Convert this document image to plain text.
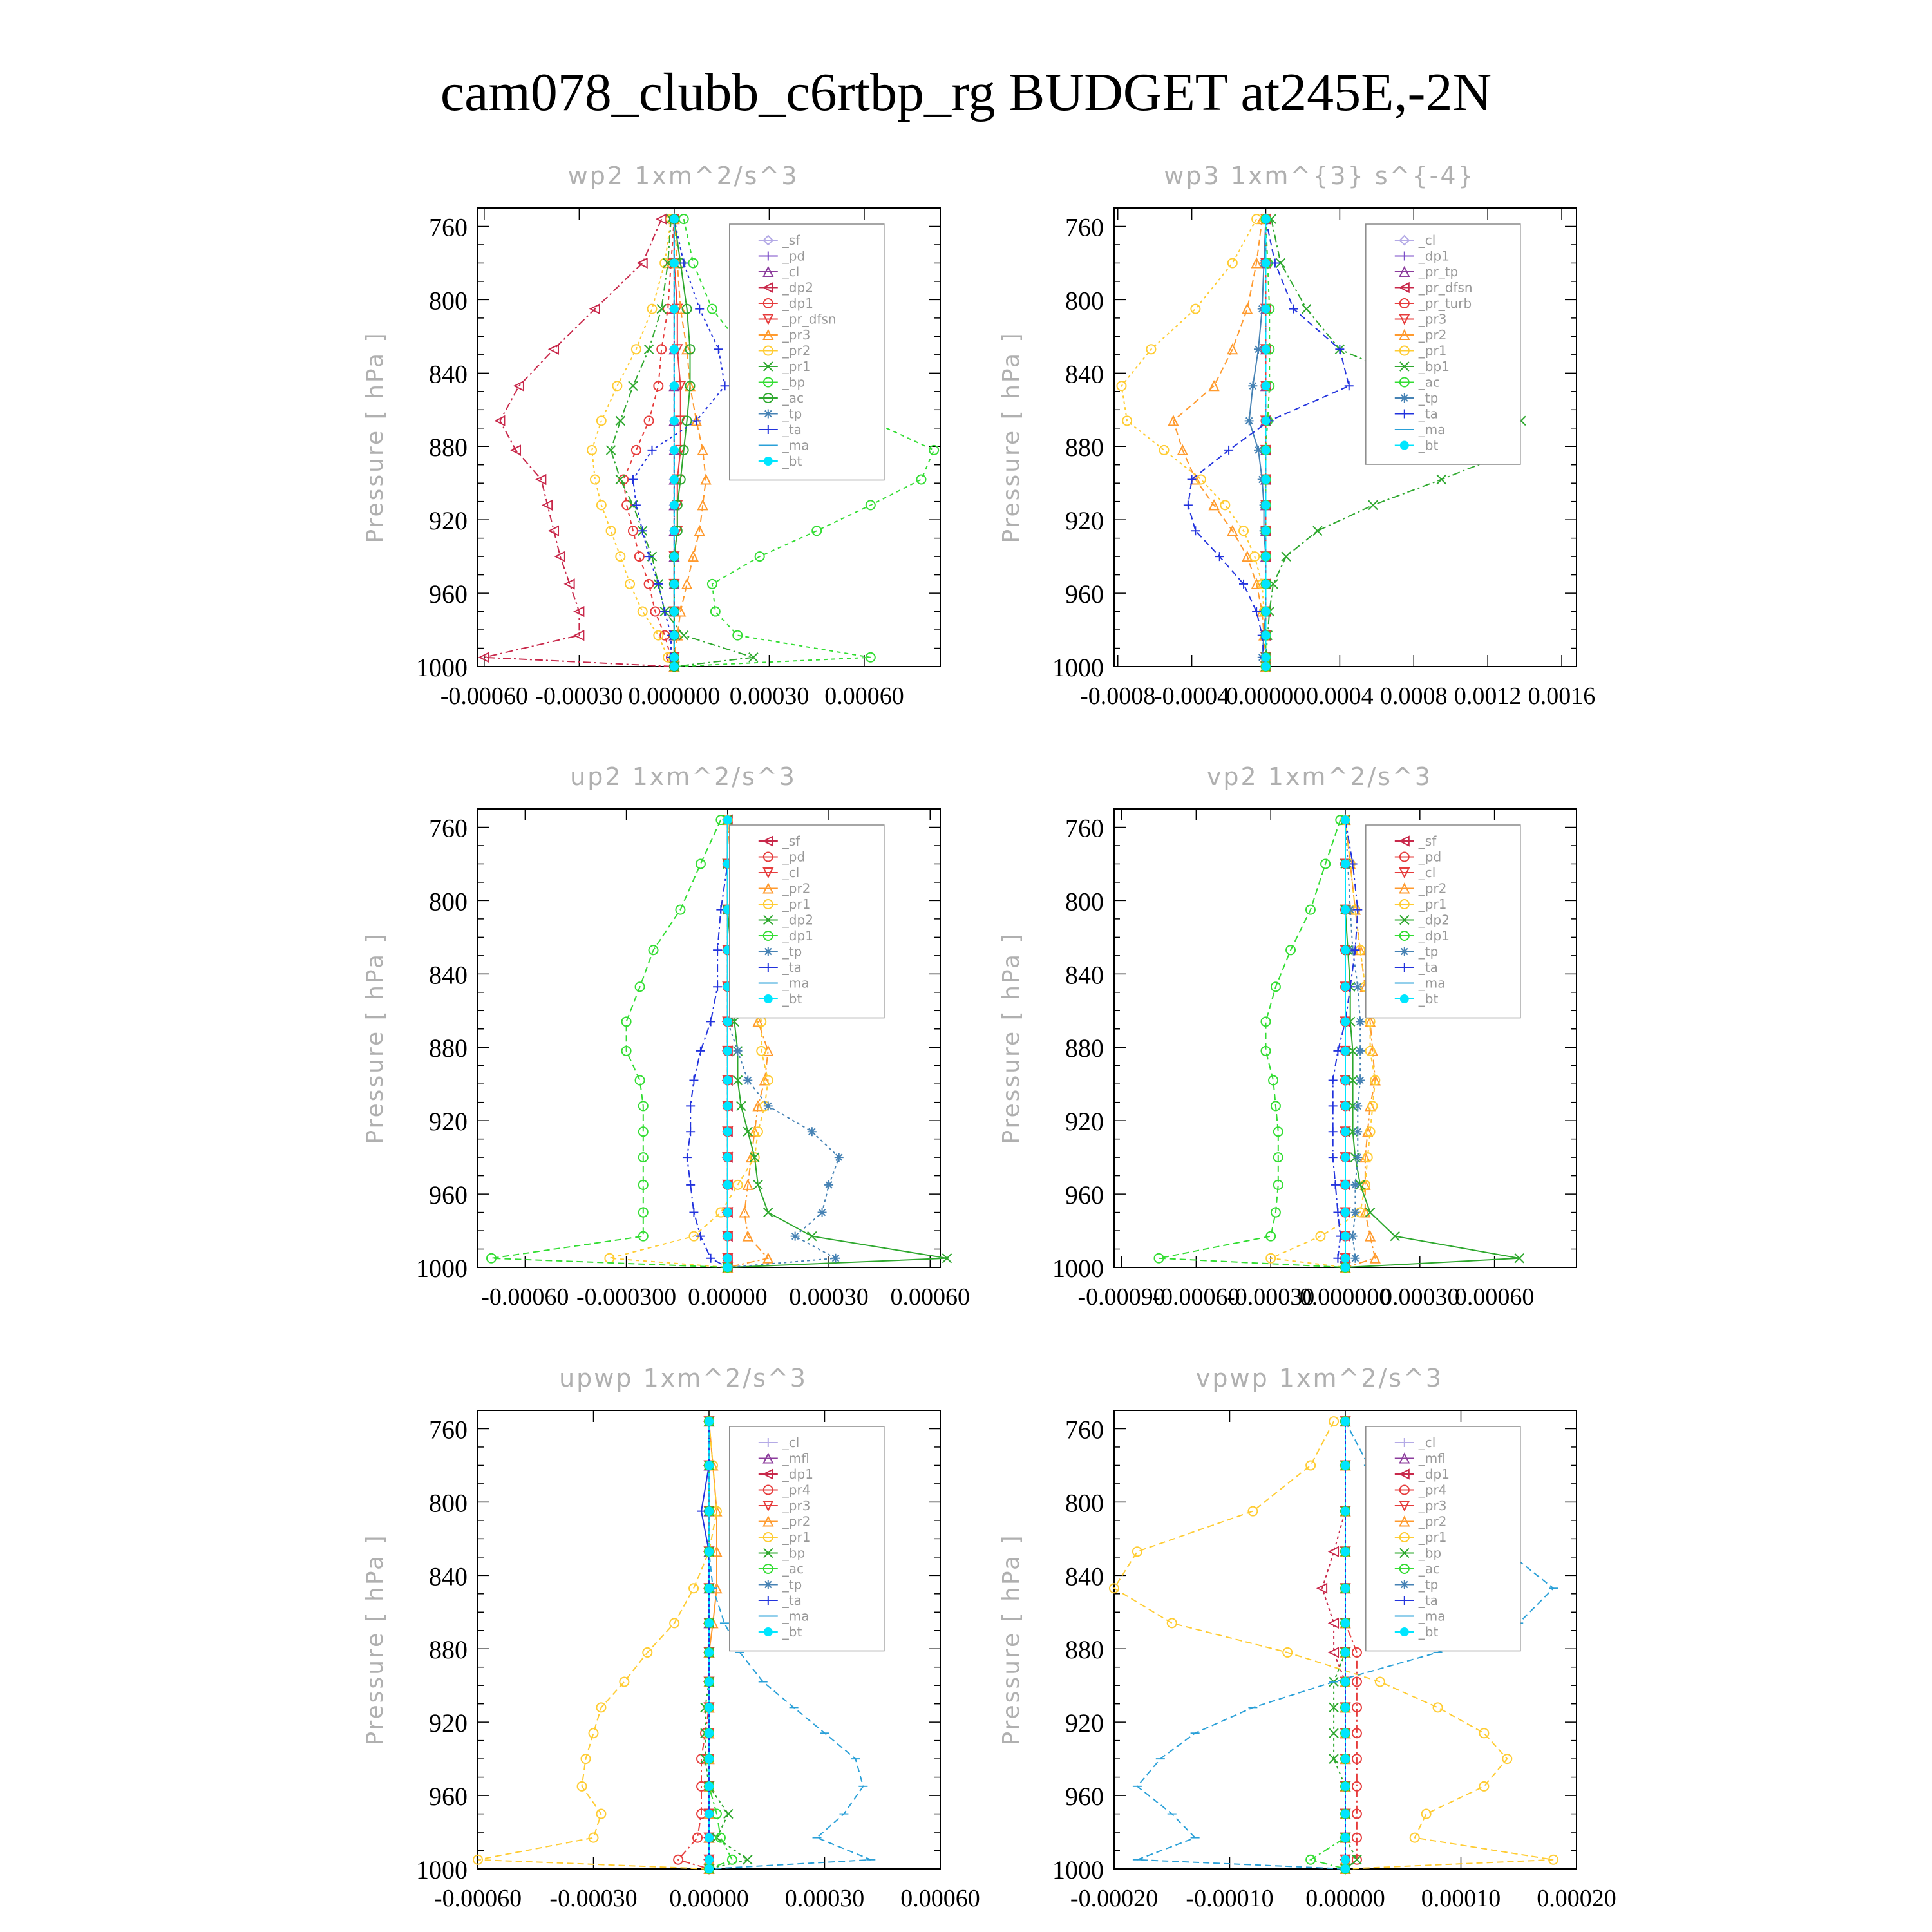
cam078_clubb_c6rtbp_rg BUDGET at245E,-2N
wp2 1xm^2/s^3
Pressure [ hPa ]
760
800
840
880
920
960
1000
-0.00060 -0.00030 0.000000 0.00030 0.00060
_sf
_pd
_cl
_dp2
_dp1
_pr_dfsn
_pr3
_pr2
_pr1
_bp
_ac
_tp
_ta
_ma
_bt
wp3 1xm^{3} s^{-4}
Pressure [ hPa ]
760
800
840
880
920
960
1000
-0.0008
-0.0004
0.00000 0.0004 0.0008 0.0012 0.0016
_cl
_dp1
_pr_tp
_pr_dfsn
_pr_turb
_pr3
_pr2
_pr1
_bp1
_ac
_tp
_ta
_ma
_bt
up2 1xm^2/s^3
Pressure [ hPa ]
760
800
840
880
920
960
1000
-0.00060 -0.000300 0.00000 0.00030 0.00060
_sf
_pd
_cl
_pr2
_pr1
_dp2
_dp1
_tp
_ta
_ma
_bt
vp2 1xm^2/s^3
Pressure [ hPa ]
760
800
840
880
920
960
1000
-0.00090
-0.00060
-0.00030
0.000000
0.00030
0.00060
_sf
_pd
_cl
_pr2
_pr1
_dp2
_dp1
_tp
_ta
_ma
_bt
upwp 1xm^2/s^3
Pressure [ hPa ]
760
800
840
880
920
960
1000
-0.00060 -0.00030 0.00000 0.00030 0.00060
_cl
_mfl
_dp1
_pr4
_pr3
_pr2
_pr1
_bp
_ac
_tp
_ta
_ma
_bt
vpwp 1xm^2/s^3
Pressure [ hPa ]
760
800
840
880
920
960
1000
-0.00020 -0.00010 0.00000 0.00010 0.00020
_cl
_mfl
_dp1
_pr4
_pr3
_pr2
_pr1
_bp
_ac
_tp
_ta
_ma
_bt
